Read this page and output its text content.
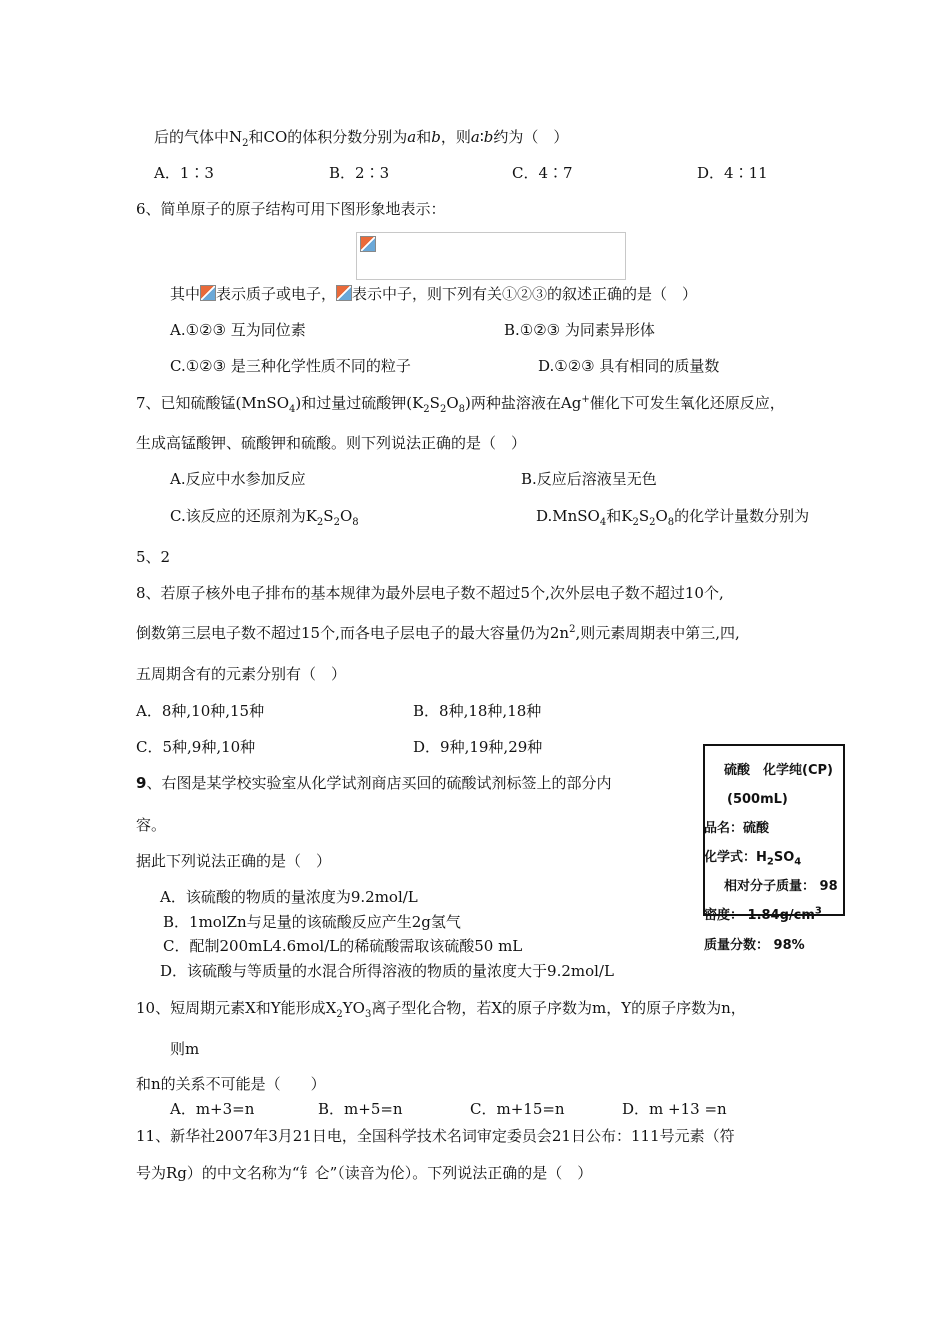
后的气体中$N_2$和CO的体积分数分别为a和b，则a∶b约为（　）
A．1∶3	B．2∶3	C．4∶7	D．4∶11
6、简单原子的原子结构可用下图形象地表示：
其中 表示质子或电子， 表示中子，则下列有关①②③的叙述正确的是（　）
A.①②③ 互为同位素	B.①②③ 为同素异形体
C.①②③ 是三种化学性质不同的粒子	D.①②③ 具有相同的质量数
7、已知硫酸锰(MnSO$_4$)和过量过硫酸钾$(K_2S_2O_8)$两种盐溶液在Ag+催化下可发生氧化还原反应，
生成高锰酸钾、硫酸钾和硫酸。则下列说法正确的是（　）
A.反应中水参加反应	B.反应后溶液呈无色
C.该反应的还原剂为$K_2S_2O_8$	D.MnSO$_4$和$K_2S_2O_8$的化学计量数分别为
5、2
8、若原子核外电子排布的基本规律为最外层电子数不超过5个,次外层电子数不超过10个,
倒数第三层电子数不超过15个,而各电子层电子的最大容量仍为$2n^2$,则元素周期表中第三,四,
五周期含有的元素分别有（　）
A．8种,10种,15种	B．8种,18种,18种
C．5种,9种,10种	D．9种,19种,29种
9、右图是某学校实验室从化学试剂商店买回的硫酸试剂标签上的部分内
容。
据此下列说法正确的是（　）
A．该硫酸的物质的量浓度为9.2mol/L
B．1molZn与足量的该硫酸反应产生2g氢气
C．配制200mL4.6mol/L的稀硫酸需取该硫酸50 mL
D．该硫酸与等质量的水混合所得溶液的物质的量浓度大于9.2mol/L
硫酸　化学纯(CP)
(500mL)
品名：硫酸
化学式：$H_2SO_4$
相对分子质量： 98
密度： $1.84g/cm^3$
质量分数： 98%
10、短周期元素X和Y能形成$X_2YO_3$离子型化合物，若X的原子序数为m，Y的原子序数为n，
则m
和n的关系不可能是（　　）
A．m+3=n	B．m+5=n	C．m+15=n	D．m +13 =n
11、新华社2007年3月21日电，全国科学技术名词审定委员会21日公布：111号元素（符
号为Rg）的中文名称为“钅仑”（读音为伦）。下列说法正确的是（　）
